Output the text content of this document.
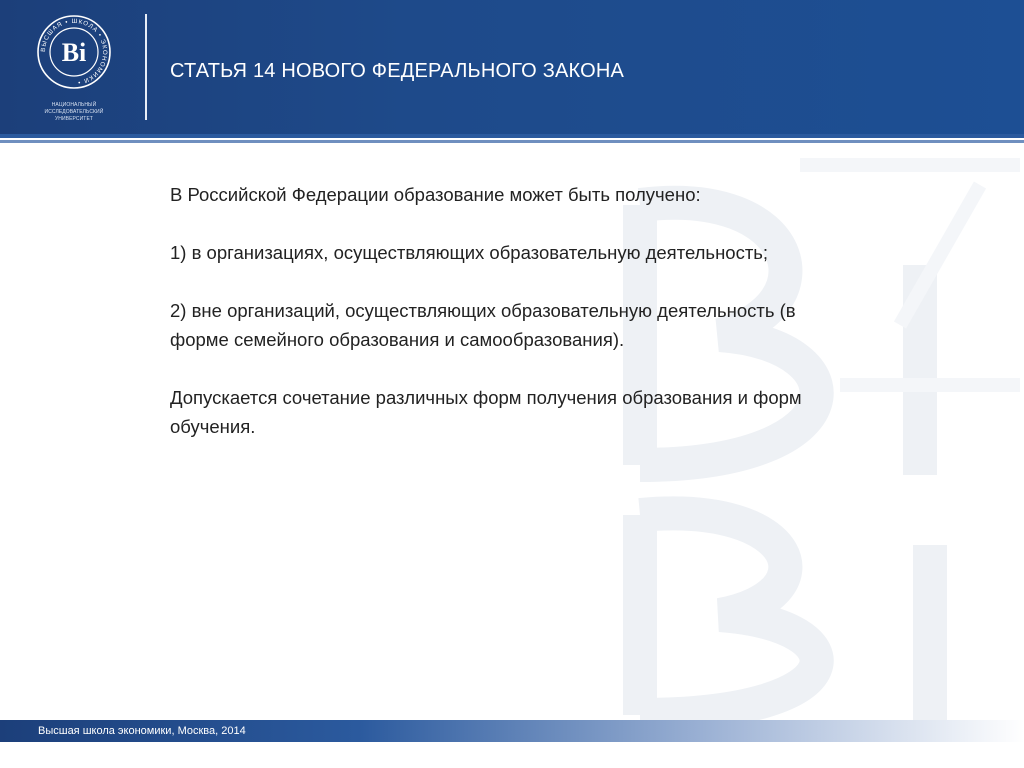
ВЫСШАЯ • ШКОЛА • ЭКОНОМИКИ •
Ві
НАЦИОНАЛЬНЫЙ ИССЛЕДОВАТЕЛЬСКИЙ
УНИВЕРСИТЕТ
СТАТЬЯ 14 НОВОГО ФЕДЕРАЛЬНОГО ЗАКОНА

В Российской Федерации образование может быть получено:

1) в организациях, осуществляющих образовательную деятельность;

2) вне организаций, осуществляющих образовательную деятельность (в форме семейного образования и самообразования).

Допускается сочетание различных форм получения образования и форм обучения.

Высшая школа экономики, Москва, 2014
